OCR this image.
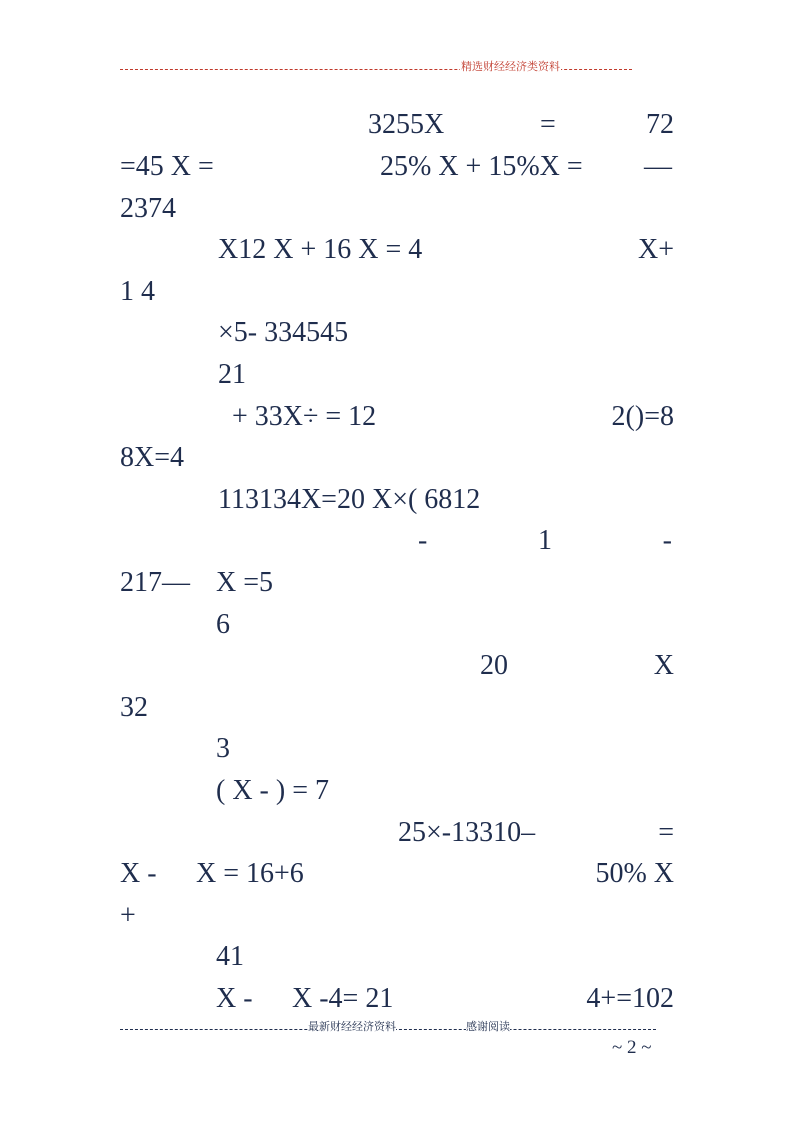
精选财经经济类资料
3255X	=	72
=45 X =	25% X + 15%X = —
2374
X12 X + 16 X = 4	X+
1 4
×5- 334545
21
+ 33X÷ = 12	2()=8
8X=4
113134X=20 X×( 6812
-	1	-
217— X =5
6
20	X
32
3
( X - ) = 7
25×-13310–	=
X - X = 16+6	50% X
+
41
X - X -4= 21	4+=102
最新财经经济资料	感谢阅读
~ 2 ~
